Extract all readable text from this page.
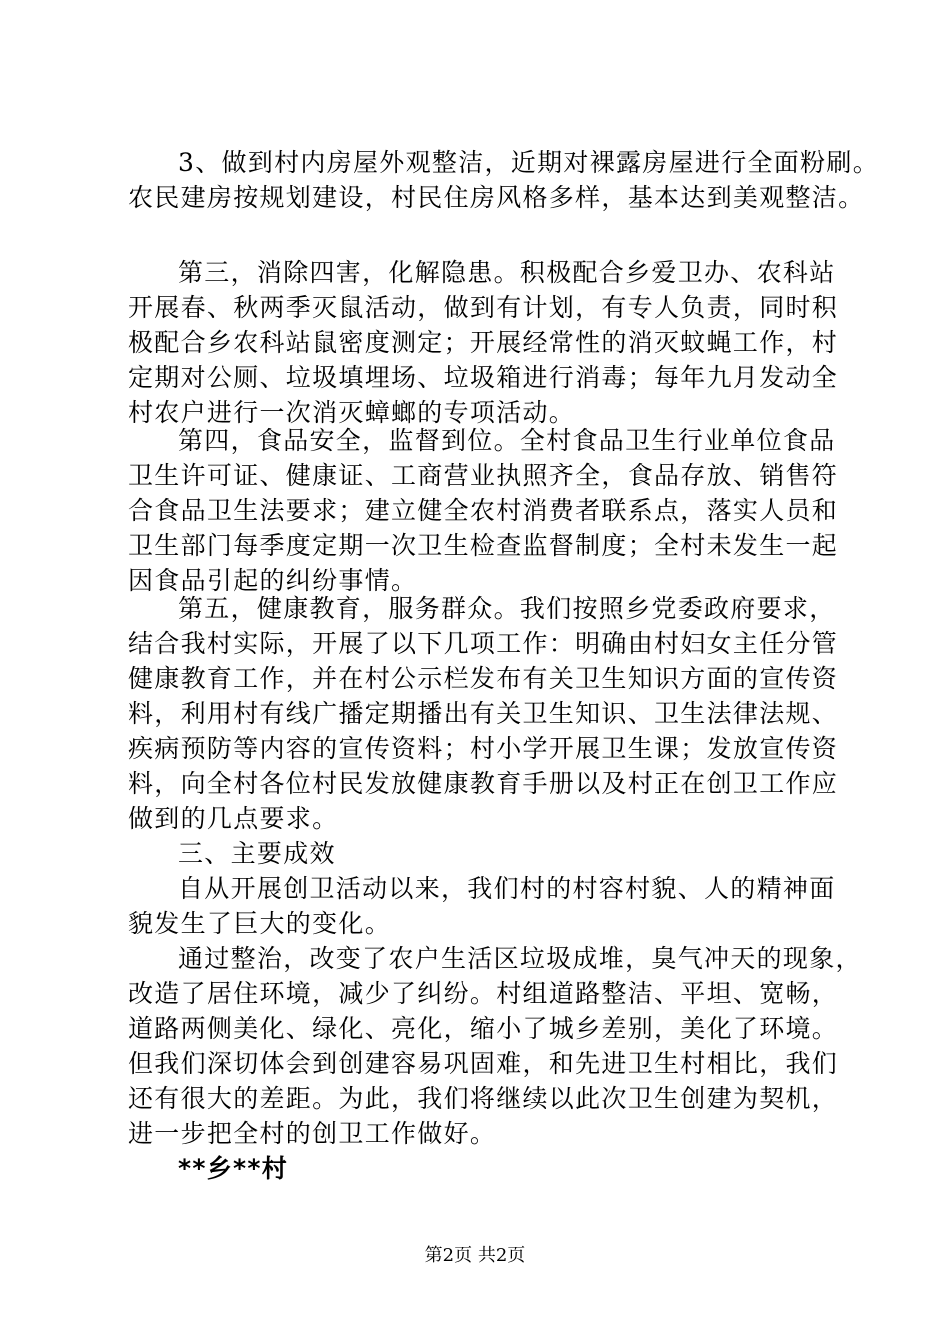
3、做到村内房屋外观整洁，近期对裸露房屋进行全面粉刷。
农民建房按规划建设，村民住房风格多样，基本达到美观整洁。
第三，消除四害，化解隐患。积极配合乡爱卫办、农科站
开展春、秋两季灭鼠活动，做到有计划，有专人负责，同时积
极配合乡农科站鼠密度测定；开展经常性的消灭蚊蝇工作，村
定期对公厕、垃圾填埋场、垃圾箱进行消毒；每年九月发动全
村农户进行一次消灭蟑螂的专项活动。
第四，食品安全，监督到位。全村食品卫生行业单位食品
卫生许可证、健康证、工商营业执照齐全，食品存放、销售符
合食品卫生法要求；建立健全农村消费者联系点，落实人员和
卫生部门每季度定期一次卫生检查监督制度；全村未发生一起
因食品引起的纠纷事情。
第五，健康教育，服务群众。我们按照乡党委政府要求，
结合我村实际，开展了以下几项工作：明确由村妇女主任分管
健康教育工作，并在村公示栏发布有关卫生知识方面的宣传资
料，利用村有线广播定期播出有关卫生知识、卫生法律法规、
疾病预防等内容的宣传资料；村小学开展卫生课；发放宣传资
料，向全村各位村民发放健康教育手册以及村正在创卫工作应
做到的几点要求。
三、主要成效
自从开展创卫活动以来，我们村的村容村貌、人的精神面
貌发生了巨大的变化。
通过整治，改变了农户生活区垃圾成堆，臭气冲天的现象，
改造了居住环境，减少了纠纷。村组道路整洁、平坦、宽畅，
道路两侧美化、绿化、亮化，缩小了城乡差别，美化了环境。
但我们深切体会到创建容易巩固难，和先进卫生村相比，我们
还有很大的差距。为此，我们将继续以此次卫生创建为契机，
进一步把全村的创卫工作做好。
**乡**村
第2页 共2页
